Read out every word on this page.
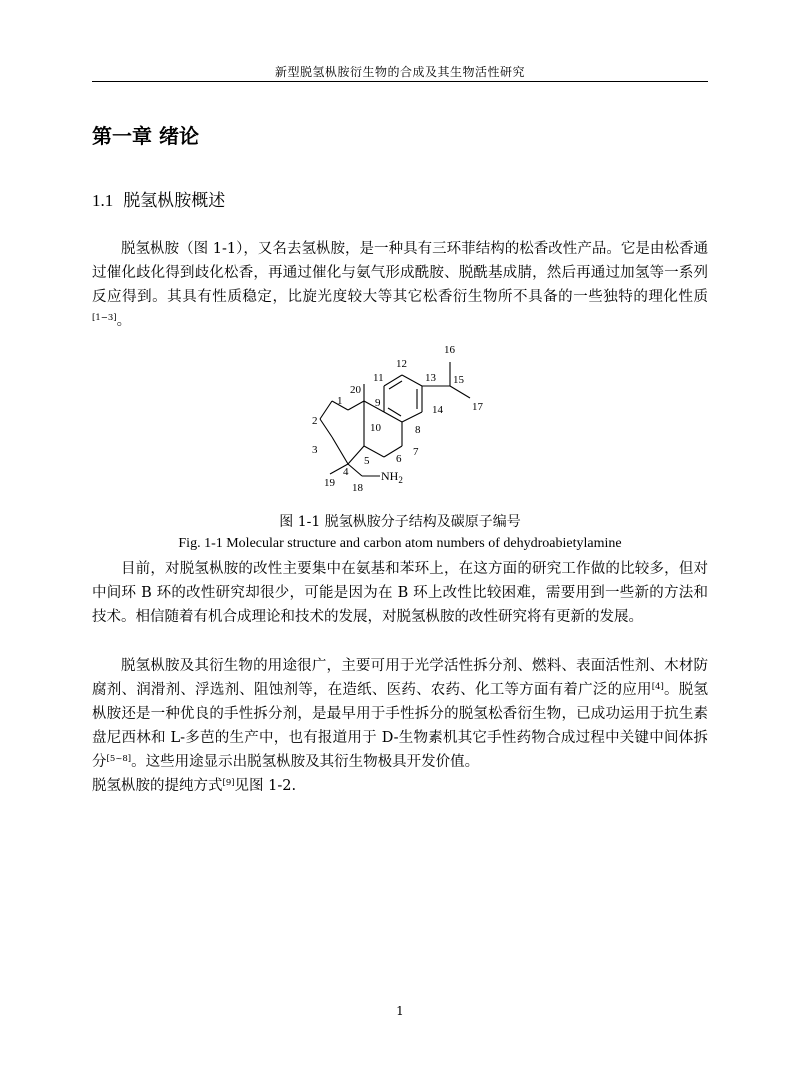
新型脱氢枞胺衍生物的合成及其生物活性研究
第一章 绪论
1.1 脱氢枞胺概述
脱氢枞胺（图 1-1），又名去氢枞胺，是一种具有三环菲结构的松香改性产品。它是由松香通过催化歧化得到歧化松香，再通过催化与氨气形成酰胺、脱酰基成腈，然后再通过加氢等一系列反应得到。其具有性质稳定，比旋光度较大等其它松香衍生物所不具备的一些独特的理化性质[1−3]。
1
2
3
4
5 6
7
8
9
10
11
12
13
14
15
16
17
18
19
20
$NH_2$
图 1-1 脱氢枞胺分子结构及碳原子编号
Fig. 1-1 Molecular structure and carbon atom numbers of dehydroabietylamine
目前，对脱氢枞胺的改性主要集中在氨基和苯环上，在这方面的研究工作做的比较多，但对中间环 B 环的改性研究却很少，可能是因为在 B 环上改性比较困难，需要用到一些新的方法和技术。相信随着有机合成理论和技术的发展，对脱氢枞胺的改性研究将有更新的发展。
脱氢枞胺及其衍生物的用途很广，主要可用于光学活性拆分剂、燃料、表面活性剂、木材防腐剂、润滑剂、浮选剂、阻蚀剂等，在造纸、医药、农药、化工等方面有着广泛的应用[4]。脱氢枞胺还是一种优良的手性拆分剂，是最早用于手性拆分的脱氢松香衍生物，已成功运用于抗生素盘尼西林和 L-多芭的生产中，也有报道用于 D-生物素机其它手性药物合成过程中关键中间体拆分[5~8]。这些用途显示出脱氢枞胺及其衍生物极具开发价值。
脱氢枞胺的提纯方式[9]见图 1-2.
1
